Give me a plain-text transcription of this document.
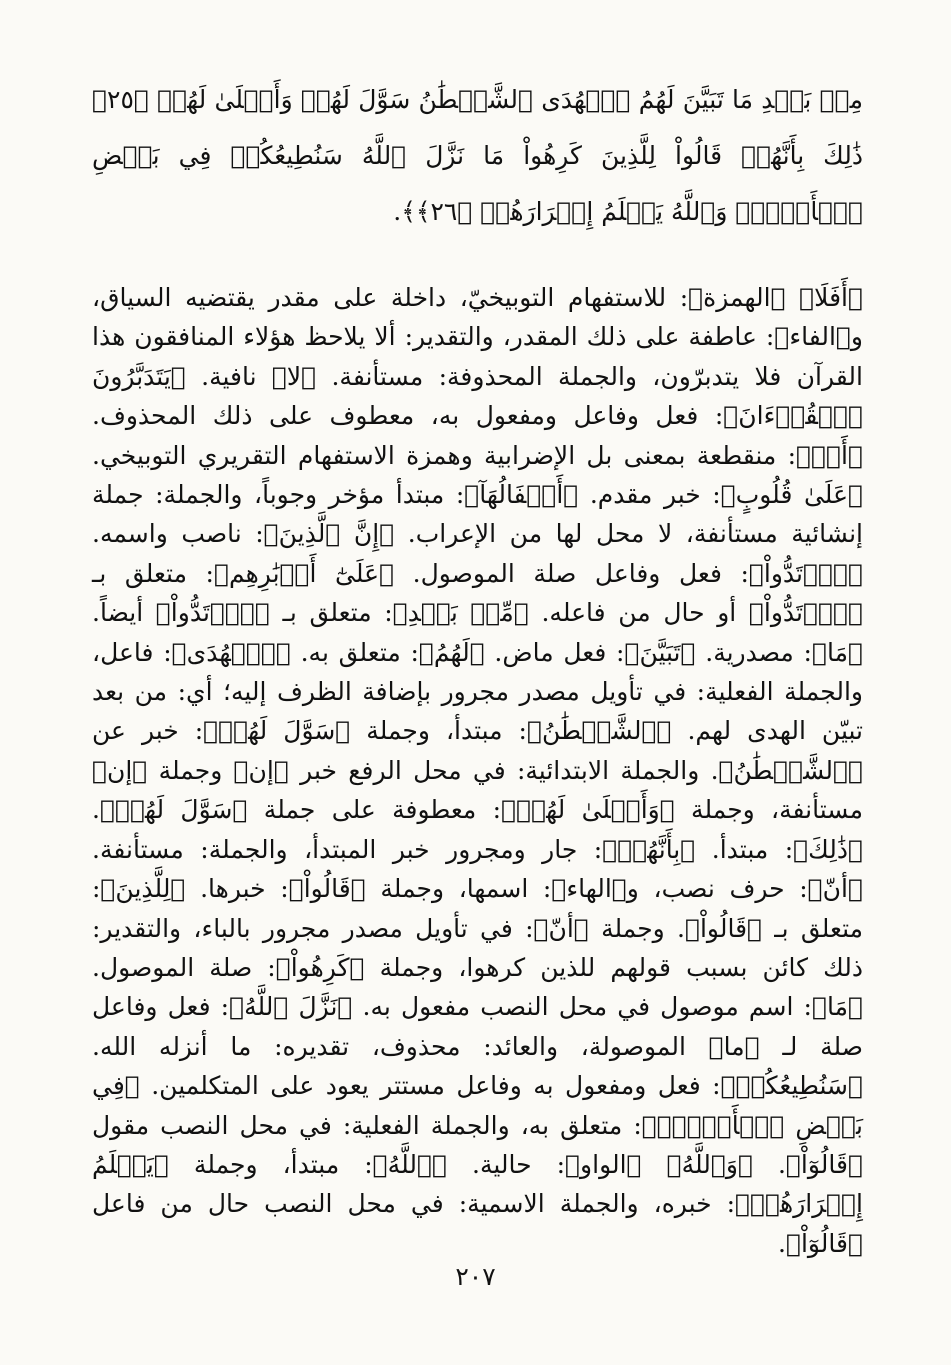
مِنۢ بَعۡدِ مَا تَبَيَّنَ لَهُمُ ٱلۡهُدَى ٱلشَّيۡطَٰنُ سَوَّلَ لَهُمۡ وَأَمۡلَىٰ لَهُمۡ ﴿٢٥﴾ ذَٰلِكَ بِأَنَّهُمۡ قَالُواْ لِلَّذِينَ كَرِهُواْ مَا نَزَّلَ ٱللَّهُ سَنُطِيعُكُمۡ فِي بَعۡضِ ٱلۡأَمۡرِۖ وَٱللَّهُ يَعۡلَمُ إِسۡرَارَهُمۡ ﴿٢٦﴾﴾.

﴿أَفَلَا﴾ ﴿الهمزة﴾: للاستفهام التوبيخيّ، داخلة على مقدر يقتضيه السياق، و﴿الفاء﴾: عاطفة على ذلك المقدر، والتقدير: ألا يلاحظ هؤلاء المنافقون هذا القرآن فلا يتدبرّون، والجملة المحذوفة: مستأنفة. ﴿لا﴾ نافية. ﴿يَتَدَبَّرُونَ ٱلۡقُرۡءَانَ﴾: فعل وفاعل ومفعول به، معطوف على ذلك المحذوف. ﴿أَمۡ﴾: منقطعة بمعنى بل الإضرابية وهمزة الاستفهام التقريري التوبيخي. ﴿عَلَىٰ قُلُوبٍ﴾: خبر مقدم. ﴿أَقۡفَالُهَآ﴾: مبتدأ مؤخر وجوباً، والجملة: جملة إنشائية مستأنفة، لا محل لها من الإعراب. ﴿إِنَّ ٱلَّذِينَ﴾: ناصب واسمه. ﴿ٱرۡتَدُّواْ﴾: فعل وفاعل صلة الموصول. ﴿عَلَىٰٓ أَدۡبَٰرِهِم﴾: متعلق بـ ﴿ٱرۡتَدُّواْ﴾ أو حال من فاعله. ﴿مِّنۢ بَعۡدِ﴾: متعلق بـ ﴿ٱرۡتَدُّواْ﴾ أيضاً. ﴿مَا﴾: مصدرية. ﴿تَبَيَّنَ﴾: فعل ماض. ﴿لَهُمُ﴾: متعلق به. ﴿ٱلۡهُدَى﴾: فاعل، والجملة الفعلية: في تأويل مصدر مجرور بإضافة الظرف إليه؛ أي: من بعد تبيّن الهدى لهم. ﴿ٱلشَّيۡطَٰنُ﴾: مبتدأ، وجملة ﴿سَوَّلَ لَهُمۡ﴾: خبر عن ﴿ٱلشَّيۡطَٰنُ﴾. والجملة الابتدائية: في محل الرفع خبر ﴿إن﴾ وجملة ﴿إن﴾ مستأنفة، وجملة ﴿وَأَمۡلَىٰ لَهُمۡ﴾: معطوفة على جملة ﴿سَوَّلَ لَهُمۡ﴾. ﴿ذَٰلِكَ﴾: مبتدأ. ﴿بِأَنَّهُمۡ﴾: جار ومجرور خبر المبتدأ، والجملة: مستأنفة. ﴿أنّ﴾: حرف نصب، و﴿الهاء﴾: اسمها، وجملة ﴿قَالُواْ﴾: خبرها. ﴿لِلَّذِينَ﴾: متعلق بـ ﴿قَالُواْ﴾. وجملة ﴿أنّ﴾: في تأويل مصدر مجرور بالباء، والتقدير: ذلك كائن بسبب قولهم للذين كرهوا، وجملة ﴿كَرِهُواْ﴾: صلة الموصول. ﴿مَا﴾: اسم موصول في محل النصب مفعول به. ﴿نَزَّلَ ٱللَّهُ﴾: فعل وفاعل صلة لـ ﴿ما﴾ الموصولة، والعائد: محذوف، تقديره: ما أنزله الله. ﴿سَنُطِيعُكُمۡ﴾: فعل ومفعول به وفاعل مستتر يعود على المتكلمين. ﴿فِي بَعۡضِ ٱلۡأَمۡرِۖ﴾: متعلق به، والجملة الفعلية: في محل النصب مقول ﴿قَالُوٓاْ﴾. ﴿وَٱللَّهُ﴾ ﴿الواو﴾: حالية. ﴿ٱللَّهُ﴾: مبتدأ، وجملة ﴿يَعۡلَمُ إِسۡرَارَهُمۡ﴾: خبره، والجملة الاسمية: في محل النصب حال من فاعل ﴿قَالُوٓاْ﴾.

٢٠٧
